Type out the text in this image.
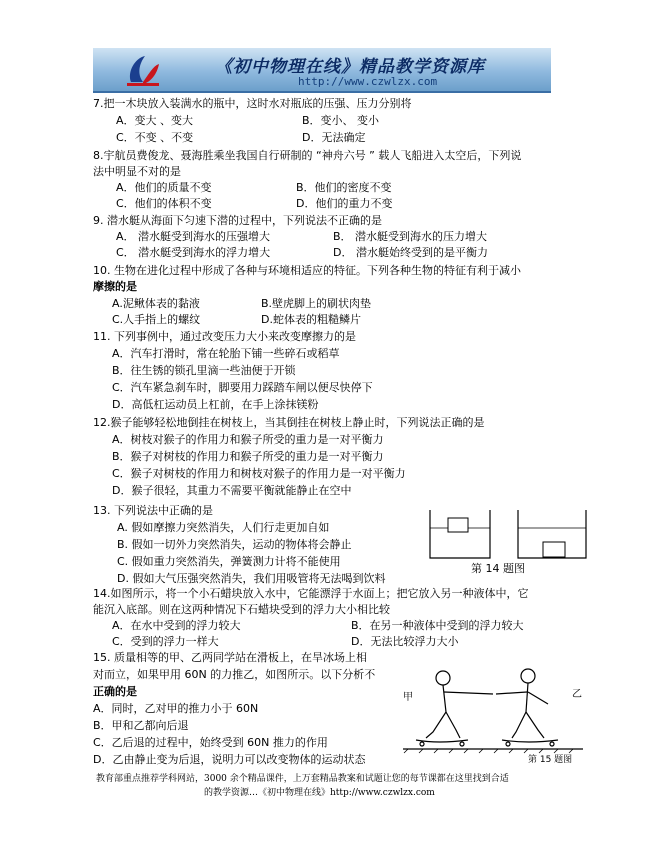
《初中物理在线》精品教学资源库
http://www.czwlzx.com
7.把一木块放入装满水的瓶中，这时水对瓶底的压强、压力分别将
A．变大 、变大	B．变小、 变小
C．不变 、不变	D．无法确定
8.宇航员费俊龙、聂海胜乘坐我国自行研制的 “神舟六号 ” 载人飞船进入太空后，下列说
法中明显不对的是
A．他们的质量不变	B．他们的密度不变
C．他们的体积不变	D．他们的重力不变
9. 潜水艇从海面下匀速下潜的过程中，下列说法不正确的是
A． 潜水艇受到海水的压强增大	B． 潜水艇受到海水的压力增大
C． 潜水艇受到海水的浮力增大	D． 潜水艇始终受到的是平衡力
10. 生物在进化过程中形成了各种与环境相适应的特征。下列各种生物的特征有利于减小
摩擦的是
A.泥鳅体表的黏液	B.壁虎脚上的刷状肉垫
C.人手指上的螺纹	D.蛇体表的粗糙鳞片
11. 下列事例中，通过改变压力大小来改变摩擦力的是
A．汽车打滑时，常在轮胎下铺一些碎石或稻草
B．往生锈的锁孔里滴一些油便于开锁
C．汽车紧急刹车时，脚要用力踩踏车闸以便尽快停下
D．高低杠运动员上杠前，在手上涂抹镁粉
12.猴子能够轻松地倒挂在树枝上，当其倒挂在树枝上静止时，下列说法正确的是
A．树枝对猴子的作用力和猴子所受的重力是一对平衡力
B．猴子对树枝的作用力和猴子所受的重力是一对平衡力
C．猴子对树枝的作用力和树枝对猴子的作用力是一对平衡力
D．猴子很轻，其重力不需要平衡就能静止在空中
13. 下列说法中正确的是
A. 假如摩擦力突然消失，人们行走更加自如
B. 假如一切外力突然消失，运动的物体将会静止
C. 假如重力突然消失，弹簧测力计将不能使用
D. 假如大气压强突然消失，我们用吸管将无法喝到饮料
第 14 题图
14.如图所示，将一个小石蜡块放入水中，它能漂浮于水面上；把它放入另一种液体中，它
能沉入底部。则在这两种情况下石蜡块受到的浮力大小相比较
A．在水中受到的浮力较大	B．在另一种液体中受到的浮力较大
C．受到的浮力一样大	D．无法比较浮力大小
15. 质量相等的甲、乙两同学站在滑板上，在旱冰场上相
对而立，如果甲用 60N 的力推乙，如图所示。以下分析不
正确的是
A．同时，乙对甲的推力小于 60N
B．甲和乙都向后退
C．乙后退的过程中，始终受到 60N 推力的作用
D．乙由静止变为后退，说明力可以改变物体的运动状态
甲	乙
第 15 题图
教育部重点推荐学科网站，3000 余个精品课件，上万套精品教案和试题让您的每节课都在这里找到合适
的教学资源…《初中物理在线》http://www.czwlzx.com
